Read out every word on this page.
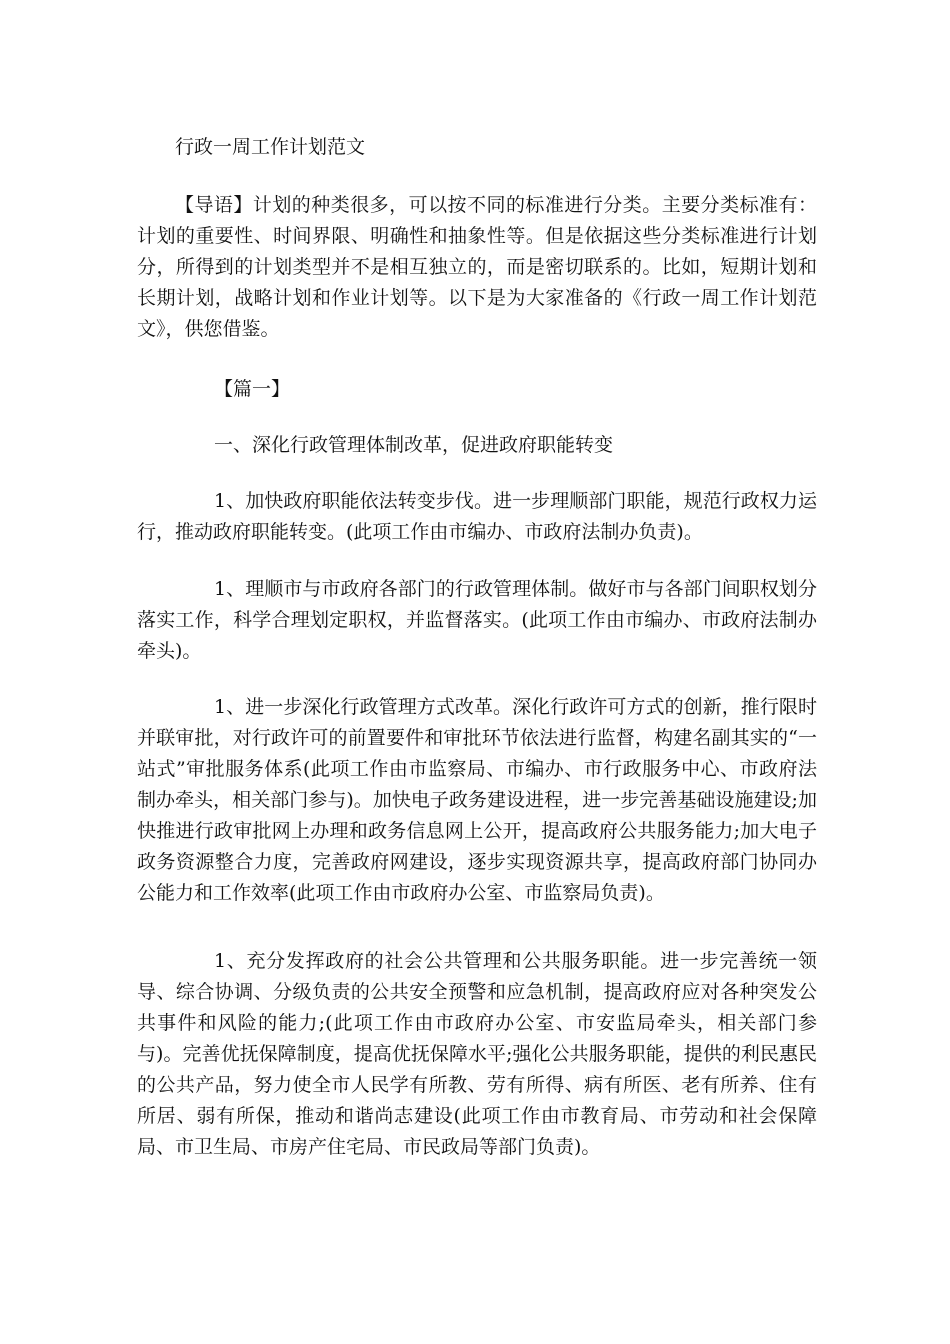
行政一周工作计划范文

【导语】计划的种类很多，可以按不同的标准进行分类。主要分类标准有：计划的重要性、时间界限、明确性和抽象性等。但是依据这些分类标准进行计划分，所得到的计划类型并不是相互独立的，而是密切联系的。比如，短期计划和长期计划，战略计划和作业计划等。以下是为大家准备的《行政一周工作计划范文》，供您借鉴。

【篇一】

一、深化行政管理体制改革，促进政府职能转变

1、加快政府职能依法转变步伐。进一步理顺部门职能，规范行政权力运行，推动政府职能转变。(此项工作由市编办、市政府法制办负责)。

1、理顺市与市政府各部门的行政管理体制。做好市与各部门间职权划分落实工作，科学合理划定职权，并监督落实。(此项工作由市编办、市政府法制办牵头)。

1、进一步深化行政管理方式改革。深化行政许可方式的创新，推行限时并联审批，对行政许可的前置要件和审批环节依法进行监督，构建名副其实的“一站式”审批服务体系(此项工作由市监察局、市编办、市行政服务中心、市政府法制办牵头，相关部门参与)。加快电子政务建设进程，进一步完善基础设施建设;加快推进行政审批网上办理和政务信息网上公开，提高政府公共服务能力;加大电子政务资源整合力度，完善政府网建设，逐步实现资源共享，提高政府部门协同办公能力和工作效率(此项工作由市政府办公室、市监察局负责)。

1、充分发挥政府的社会公共管理和公共服务职能。进一步完善统一领导、综合协调、分级负责的公共安全预警和应急机制，提高政府应对各种突发公共事件和风险的能力;(此项工作由市政府办公室、市安监局牵头，相关部门参与)。完善优抚保障制度，提高优抚保障水平;强化公共服务职能，提供的利民惠民的公共产品，努力使全市人民学有所教、劳有所得、病有所医、老有所养、住有所居、弱有所保，推动和谐尚志建设(此项工作由市教育局、市劳动和社会保障局、市卫生局、市房产住宅局、市民政局等部门负责)。
